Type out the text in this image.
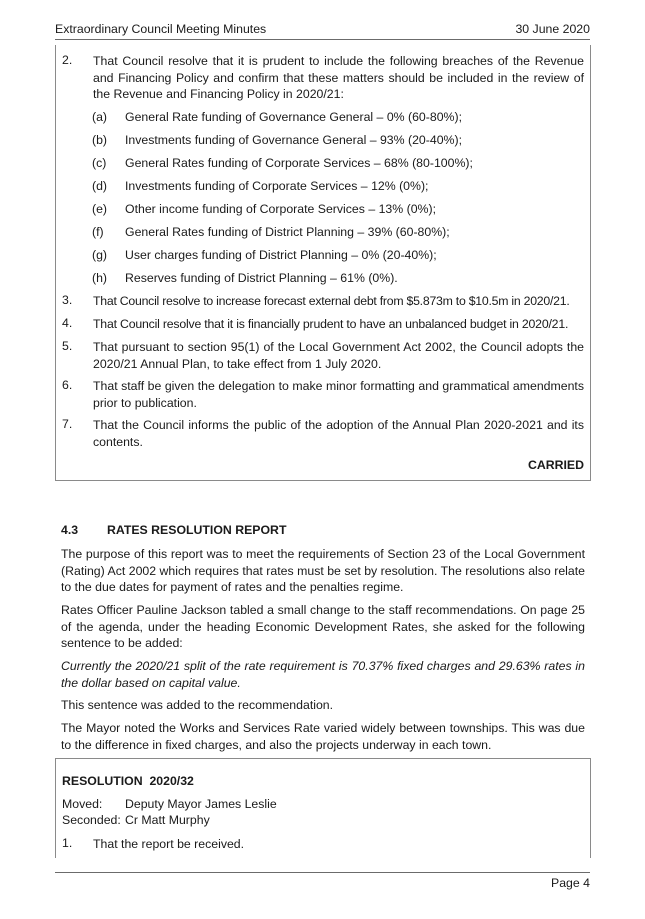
Extraordinary Council Meeting Minutes	30 June 2020
2.	That Council resolve that it is prudent to include the following breaches of the Revenue and Financing Policy and confirm that these matters should be included in the review of the Revenue and Financing Policy in 2020/21:
(a)	General Rate funding of Governance General – 0% (60-80%);
(b)	Investments funding of Governance General – 93% (20-40%);
(c)	General Rates funding of Corporate Services – 68% (80-100%);
(d)	Investments funding of Corporate Services – 12% (0%);
(e)	Other income funding of Corporate Services – 13% (0%);
(f)	General Rates funding of District Planning – 39% (60-80%);
(g)	User charges funding of District Planning – 0% (20-40%);
(h)	Reserves funding of District Planning – 61% (0%).
3.	That Council resolve to increase forecast external debt from $5.873m to $10.5m in 2020/21.
4.	That Council resolve that it is financially prudent to have an unbalanced budget in 2020/21.
5.	That pursuant to section 95(1) of the Local Government Act 2002, the Council adopts the 2020/21 Annual Plan, to take effect from 1 July 2020.
6.	That staff be given the delegation to make minor formatting and grammatical amendments prior to publication.
7.	That the Council informs the public of the adoption of the Annual Plan 2020-2021 and its contents.
CARRIED
4.3	RATES RESOLUTION REPORT
The purpose of this report was to meet the requirements of Section 23 of the Local Government (Rating) Act 2002 which requires that rates must be set by resolution. The resolutions also relate to the due dates for payment of rates and the penalties regime.
Rates Officer Pauline Jackson tabled a small change to the staff recommendations. On page 25 of the agenda, under the heading Economic Development Rates, she asked for the following sentence to be added:
Currently the 2020/21 split of the rate requirement is 70.37% fixed charges and 29.63% rates in the dollar based on capital value.
This sentence was added to the recommendation.
The Mayor noted the Works and Services Rate varied widely between townships. This was due to the difference in fixed charges, and also the projects underway in each town.
RESOLUTION  2020/32
Moved:	Deputy Mayor James Leslie
Seconded: Cr Matt Murphy
1.	That the report be received.
Page 4
